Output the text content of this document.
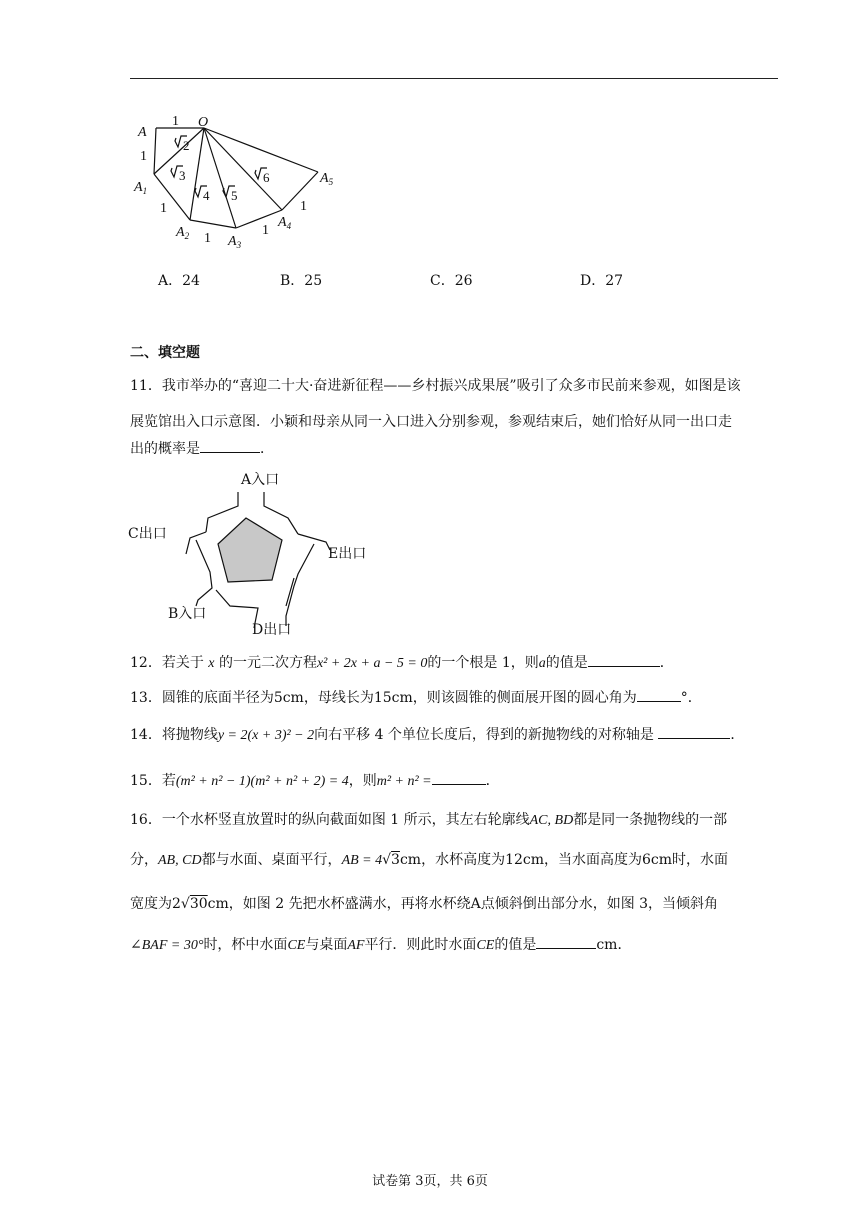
1 O
A
1
$A_1$
1
$A_2$ 1 $A_3$
1
$A_4$
1
$A_5$
2
3
4 5
6
A．24	B．25	C．26	D．27
二、填空题
11．我市举办的“喜迎二十大·奋进新征程——乡村振兴成果展”吸引了众多市民前来参观，如图是该
展览馆出入口示意图．小颖和母亲从同一入口进入分别参观，参观结束后，她们恰好从同一出口走
出的概率是	．
A入口
C出口
E出口
B入口
D出口
12．若关于 x 的一元二次方程x² + 2x + a − 5 = 0的一个根是 1，则a的值是	．
13．圆锥的底面半径为5cm，母线长为15cm，则该圆锥的侧面展开图的圆心角为	°．
14．将抛物线y = 2(x + 3)² − 2向右平移 4 个单位长度后，得到的新抛物线的对称轴是	．
15．若(m² + n² − 1)(m² + n² + 2) = 4，则m² + n² =	．
16．一个水杯竖直放置时的纵向截面如图 1 所示，其左右轮廓线AC, BD都是同一条抛物线的一部
分，AB, CD都与水面、桌面平行，AB = 4√3cm，水杯高度为12cm，当水面高度为6cm时，水面
宽度为2√30cm，如图 2 先把水杯盛满水，再将水杯绕A点倾斜倒出部分水，如图 3，当倾斜角
∠BAF = 30°时，杯中水面CE与桌面AF平行．则此时水面CE的值是	cm．
试卷第 3页，共 6页
